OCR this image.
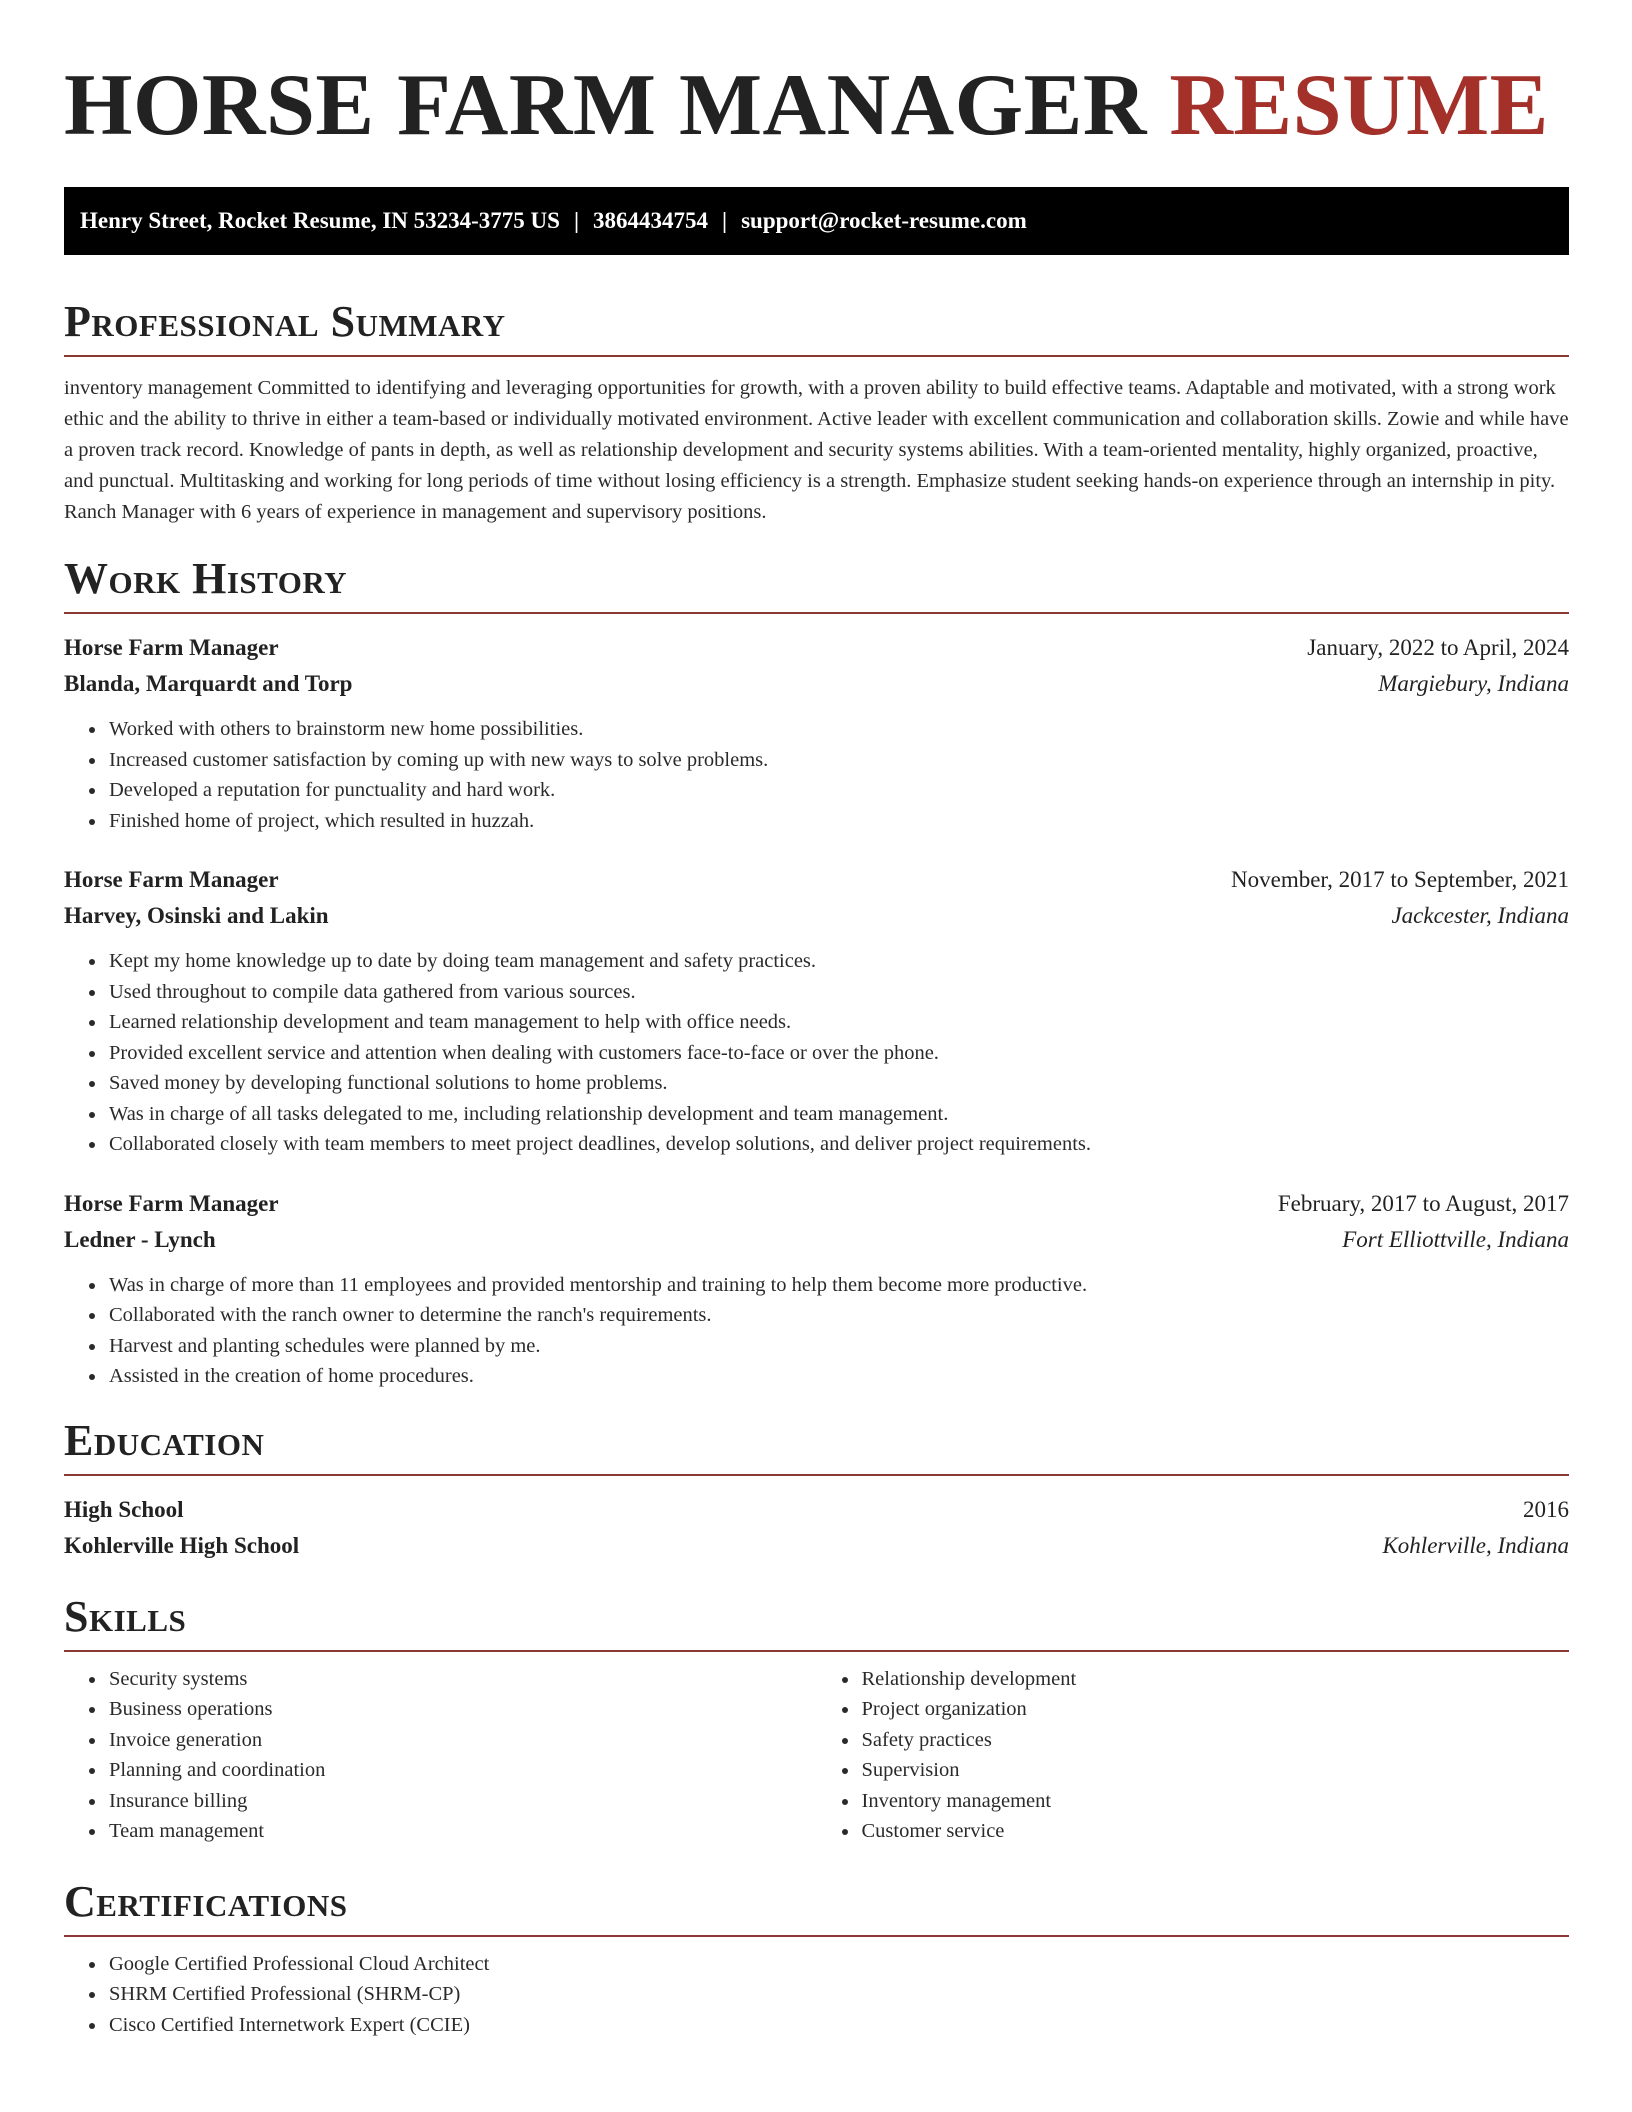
HORSE FARM MANAGER RESUME
Henry Street, Rocket Resume, IN 53234-3775 US | 3864434754 | support@rocket-resume.com
Professional Summary

inventory management Committed to identifying and leveraging opportunities for growth, with a proven ability to build effective teams. Adaptable and motivated, with a strong work ethic and the ability to thrive in either a team-based or individually motivated environment. Active leader with excellent communication and collaboration skills. Zowie and while have a proven track record. Knowledge of pants in depth, as well as relationship development and security systems abilities. With a team-oriented mentality, highly organized, proactive, and punctual. Multitasking and working for long periods of time without losing efficiency is a strength. Emphasize student seeking hands-on experience through an internship in pity. Ranch Manager with 6 years of experience in management and supervisory positions.

Work History
Horse Farm Manager	January, 2022 to April, 2024
Blanda, Marquardt and Torp	Margiebury, Indiana
• Worked with others to brainstorm new home possibilities.
• Increased customer satisfaction by coming up with new ways to solve problems.
• Developed a reputation for punctuality and hard work.
• Finished home of project, which resulted in huzzah.
Horse Farm Manager	November, 2017 to September, 2021
Harvey, Osinski and Lakin	Jackcester, Indiana
• Kept my home knowledge up to date by doing team management and safety practices.
• Used throughout to compile data gathered from various sources.
• Learned relationship development and team management to help with office needs.
• Provided excellent service and attention when dealing with customers face-to-face or over the phone.
• Saved money by developing functional solutions to home problems.
• Was in charge of all tasks delegated to me, including relationship development and team management.
• Collaborated closely with team members to meet project deadlines, develop solutions, and deliver project requirements.
Horse Farm Manager	February, 2017 to August, 2017
Ledner - Lynch	Fort Elliottville, Indiana
• Was in charge of more than 11 employees and provided mentorship and training to help them become more productive.
• Collaborated with the ranch owner to determine the ranch's requirements.
• Harvest and planting schedules were planned by me.
• Assisted in the creation of home procedures.
Education
High School	2016
Kohlerville High School	Kohlerville, Indiana
Skills
• Security systems
• Business operations
• Invoice generation
• Planning and coordination
• Insurance billing
• Team management
• Relationship development
• Project organization
• Safety practices
• Supervision
• Inventory management
• Customer service
Certifications
• Google Certified Professional Cloud Architect
• SHRM Certified Professional (SHRM-CP)
• Cisco Certified Internetwork Expert (CCIE)
